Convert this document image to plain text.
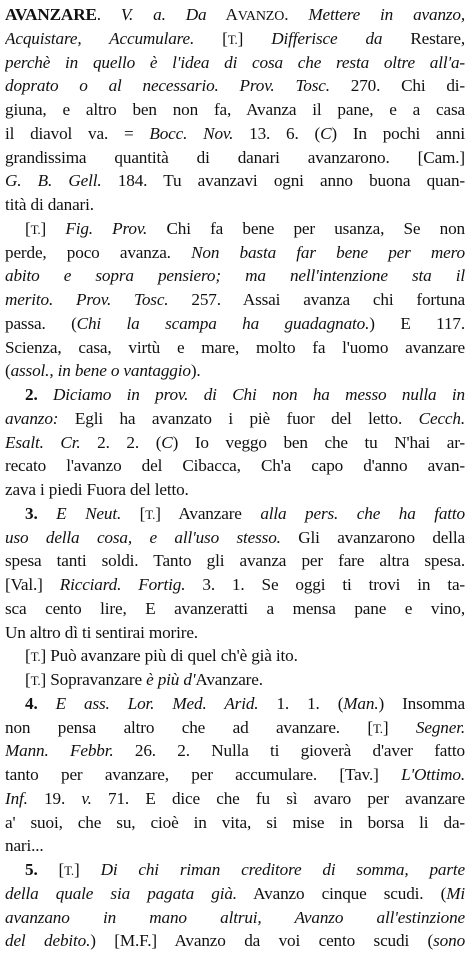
AVANZARE. V. a. Da AVANZO. Mettere in avanzo,
Acquistare, Accumulare. [T.] Differisce da Restare,
perchè in quello è l'idea di cosa che resta oltre all'a-
doprato o al necessario. Prov. Tosc. 270. Chi di-
giuna, e altro ben non fa, Avanza il pane, e a casa
il diavol va. = Bocc. Nov. 13. 6. (C) In pochi anni
grandissima quantità di danari avanzarono. [Cam.]
G. B. Gell. 184. Tu avanzavi ogni anno buona quan-
tità di danari.
[T.] Fig. Prov. Chi fa bene per usanza, Se non
perde, poco avanza. Non basta far bene per mero
abito e sopra pensiero; ma nell'intenzione sta il
merito. Prov. Tosc. 257. Assai avanza chi fortuna
passa. (Chi la scampa ha guadagnato.) E 117.
Scienza, casa, virtù e mare, molto fa l'uomo avanzare
(assol., in bene o vantaggio).
2. Diciamo in prov. di Chi non ha messo nulla in
avanzo: Egli ha avanzato i piè fuor del letto. Cecch.
Esalt. Cr. 2. 2. (C) Io veggo ben che tu N'hai ar-
recato l'avanzo del Cibacca, Ch'a capo d'anno avan-
zava i piedi Fuora del letto.
3. E Neut. [T.] Avanzare alla pers. che ha fatto
uso della cosa, e all'uso stesso. Gli avanzarono della
spesa tanti soldi. Tanto gli avanza per fare altra spesa.
[Val.] Ricciard. Fortig. 3. 1. Se oggi ti trovi in ta-
sca cento lire, E avanzeratti a mensa pane e vino,
Un altro dì ti sentirai morire.
[T.] Può avanzare più di quel ch'è già ito.
[T.] Sopravanzare è più d'Avanzare.
4. E ass. Lor. Med. Arid. 1. 1. (Man.) Insomma
non pensa altro che ad avanzare. [T.] Segner.
Mann. Febbr. 26. 2. Nulla ti gioverà d'aver fatto
tanto per avanzare, per accumulare. [Tav.] L'Ottimo.
Inf. 19. v. 71. E dice che fu sì avaro per avanzare
a' suoi, che su, cioè in vita, si mise in borsa li da-
nari...
5. [T.] Di chi riman creditore di somma, parte
della quale sia pagata già. Avanzo cinque scudi. (Mi
avanzano in mano altrui, Avanzo all'estinzione
del debito.) [M.F.] Avanzo da voi cento scudi (sono
